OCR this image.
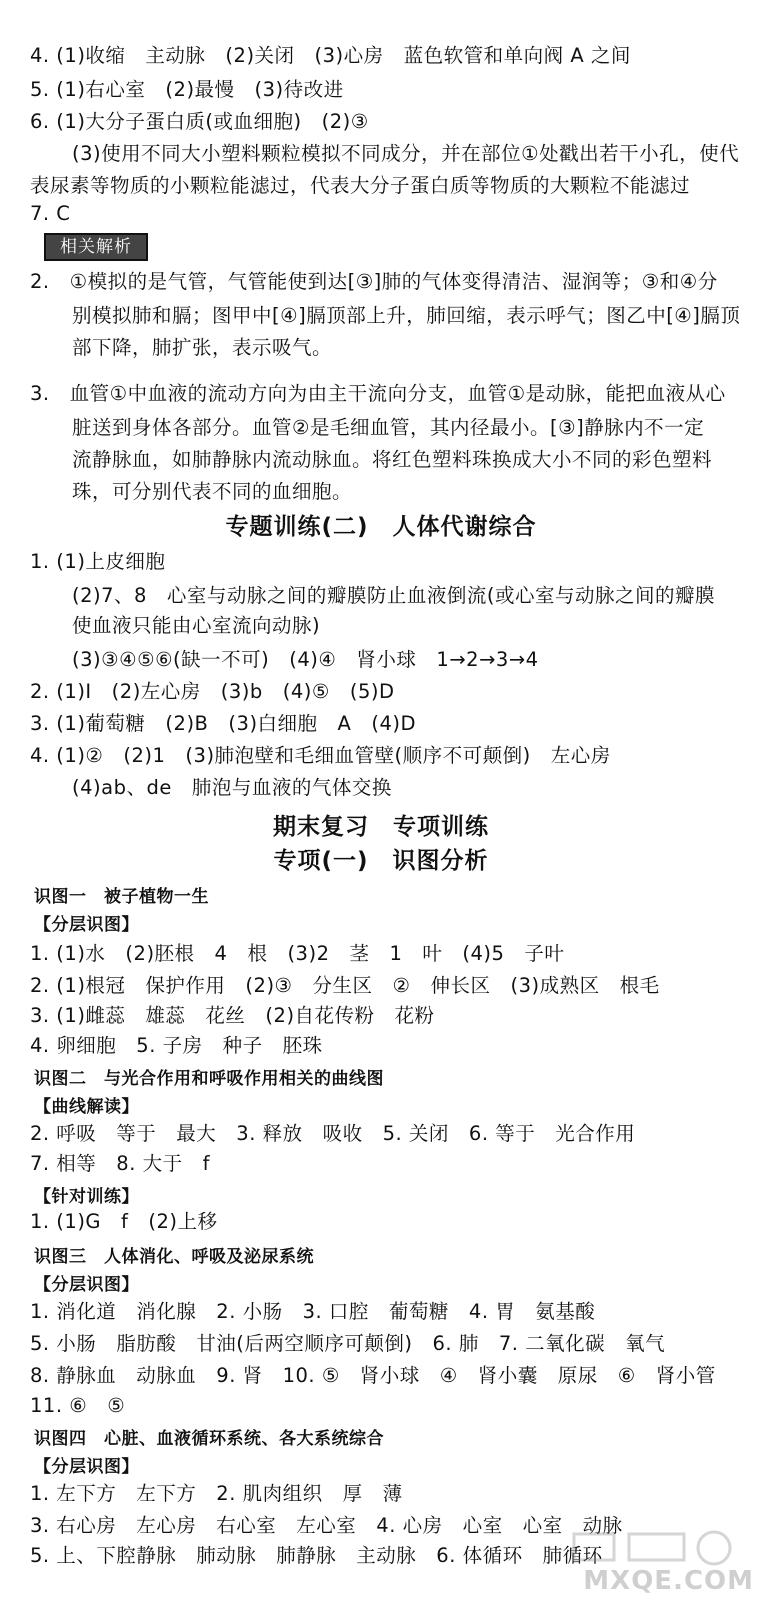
4. (1)收缩　主动脉　(2)关闭　(3)心房　蓝色软管和单向阀 A 之间
5. (1)右心室　(2)最慢　(3)待改进
6. (1)大分子蛋白质(或血细胞)　(2)③
(3)使用不同大小塑料颗粒模拟不同成分，并在部位①处戳出若干小孔，使代
表尿素等物质的小颗粒能滤过，代表大分子蛋白质等物质的大颗粒不能滤过
7. C
相关解析
2.　①模拟的是气管，气管能使到达[③]肺的气体变得清洁、湿润等；③和④分
别模拟肺和膈；图甲中[④]膈顶部上升，肺回缩，表示呼气；图乙中[④]膈顶
部下降，肺扩张，表示吸气。
3.　血管①中血液的流动方向为由主干流向分支，血管①是动脉，能把血液从心
脏送到身体各部分。血管②是毛细血管，其内径最小。[③]静脉内不一定
流静脉血，如肺静脉内流动脉血。将红色塑料珠换成大小不同的彩色塑料
珠，可分别代表不同的血细胞。
专题训练(二)　人体代谢综合
1. (1)上皮细胞
(2)7、8　心室与动脉之间的瓣膜防止血液倒流(或心室与动脉之间的瓣膜
使血液只能由心室流向动脉)
(3)③④⑤⑥(缺一不可)　(4)④　肾小球　1→2→3→4
2. (1)Ⅰ　(2)左心房　(3)b　(4)⑤　(5)D
3. (1)葡萄糖　(2)B　(3)白细胞　A　(4)D
4. (1)②　(2)1　(3)肺泡壁和毛细血管壁(顺序不可颠倒)　左心房
(4)ab、de　肺泡与血液的气体交换
期末复习　专项训练
专项(一)　识图分析
识图一　被子植物一生
【分层识图】
1. (1)水　(2)胚根　4　根　(3)2　茎　1　叶　(4)5　子叶
2. (1)根冠　保护作用　(2)③　分生区　②　伸长区　(3)成熟区　根毛
3. (1)雌蕊　雄蕊　花丝　(2)自花传粉　花粉
4. 卵细胞　5. 子房　种子　胚珠
识图二　与光合作用和呼吸作用相关的曲线图
【曲线解读】
2. 呼吸　等于　最大　3. 释放　吸收　5. 关闭　6. 等于　光合作用
7. 相等　8. 大于　f
【针对训练】
1. (1)G　f　(2)上移
识图三　人体消化、呼吸及泌尿系统
【分层识图】
1. 消化道　消化腺　2. 小肠　3. 口腔　葡萄糖　4. 胃　氨基酸
5. 小肠　脂肪酸　甘油(后两空顺序可颠倒)　6. 肺　7. 二氧化碳　氧气
8. 静脉血　动脉血　9. 肾　10. ⑤　肾小球　④　肾小囊　原尿　⑥　肾小管
11. ⑥　⑤
识图四　心脏、血液循环系统、各大系统综合
【分层识图】
1. 左下方　左下方　2. 肌肉组织　厚　薄
3. 右心房　左心房　右心室　左心室　4. 心房　心室　心室　动脉
5. 上、下腔静脉　肺动脉　肺静脉　主动脉　6. 体循环　肺循环
MXQE.COM
